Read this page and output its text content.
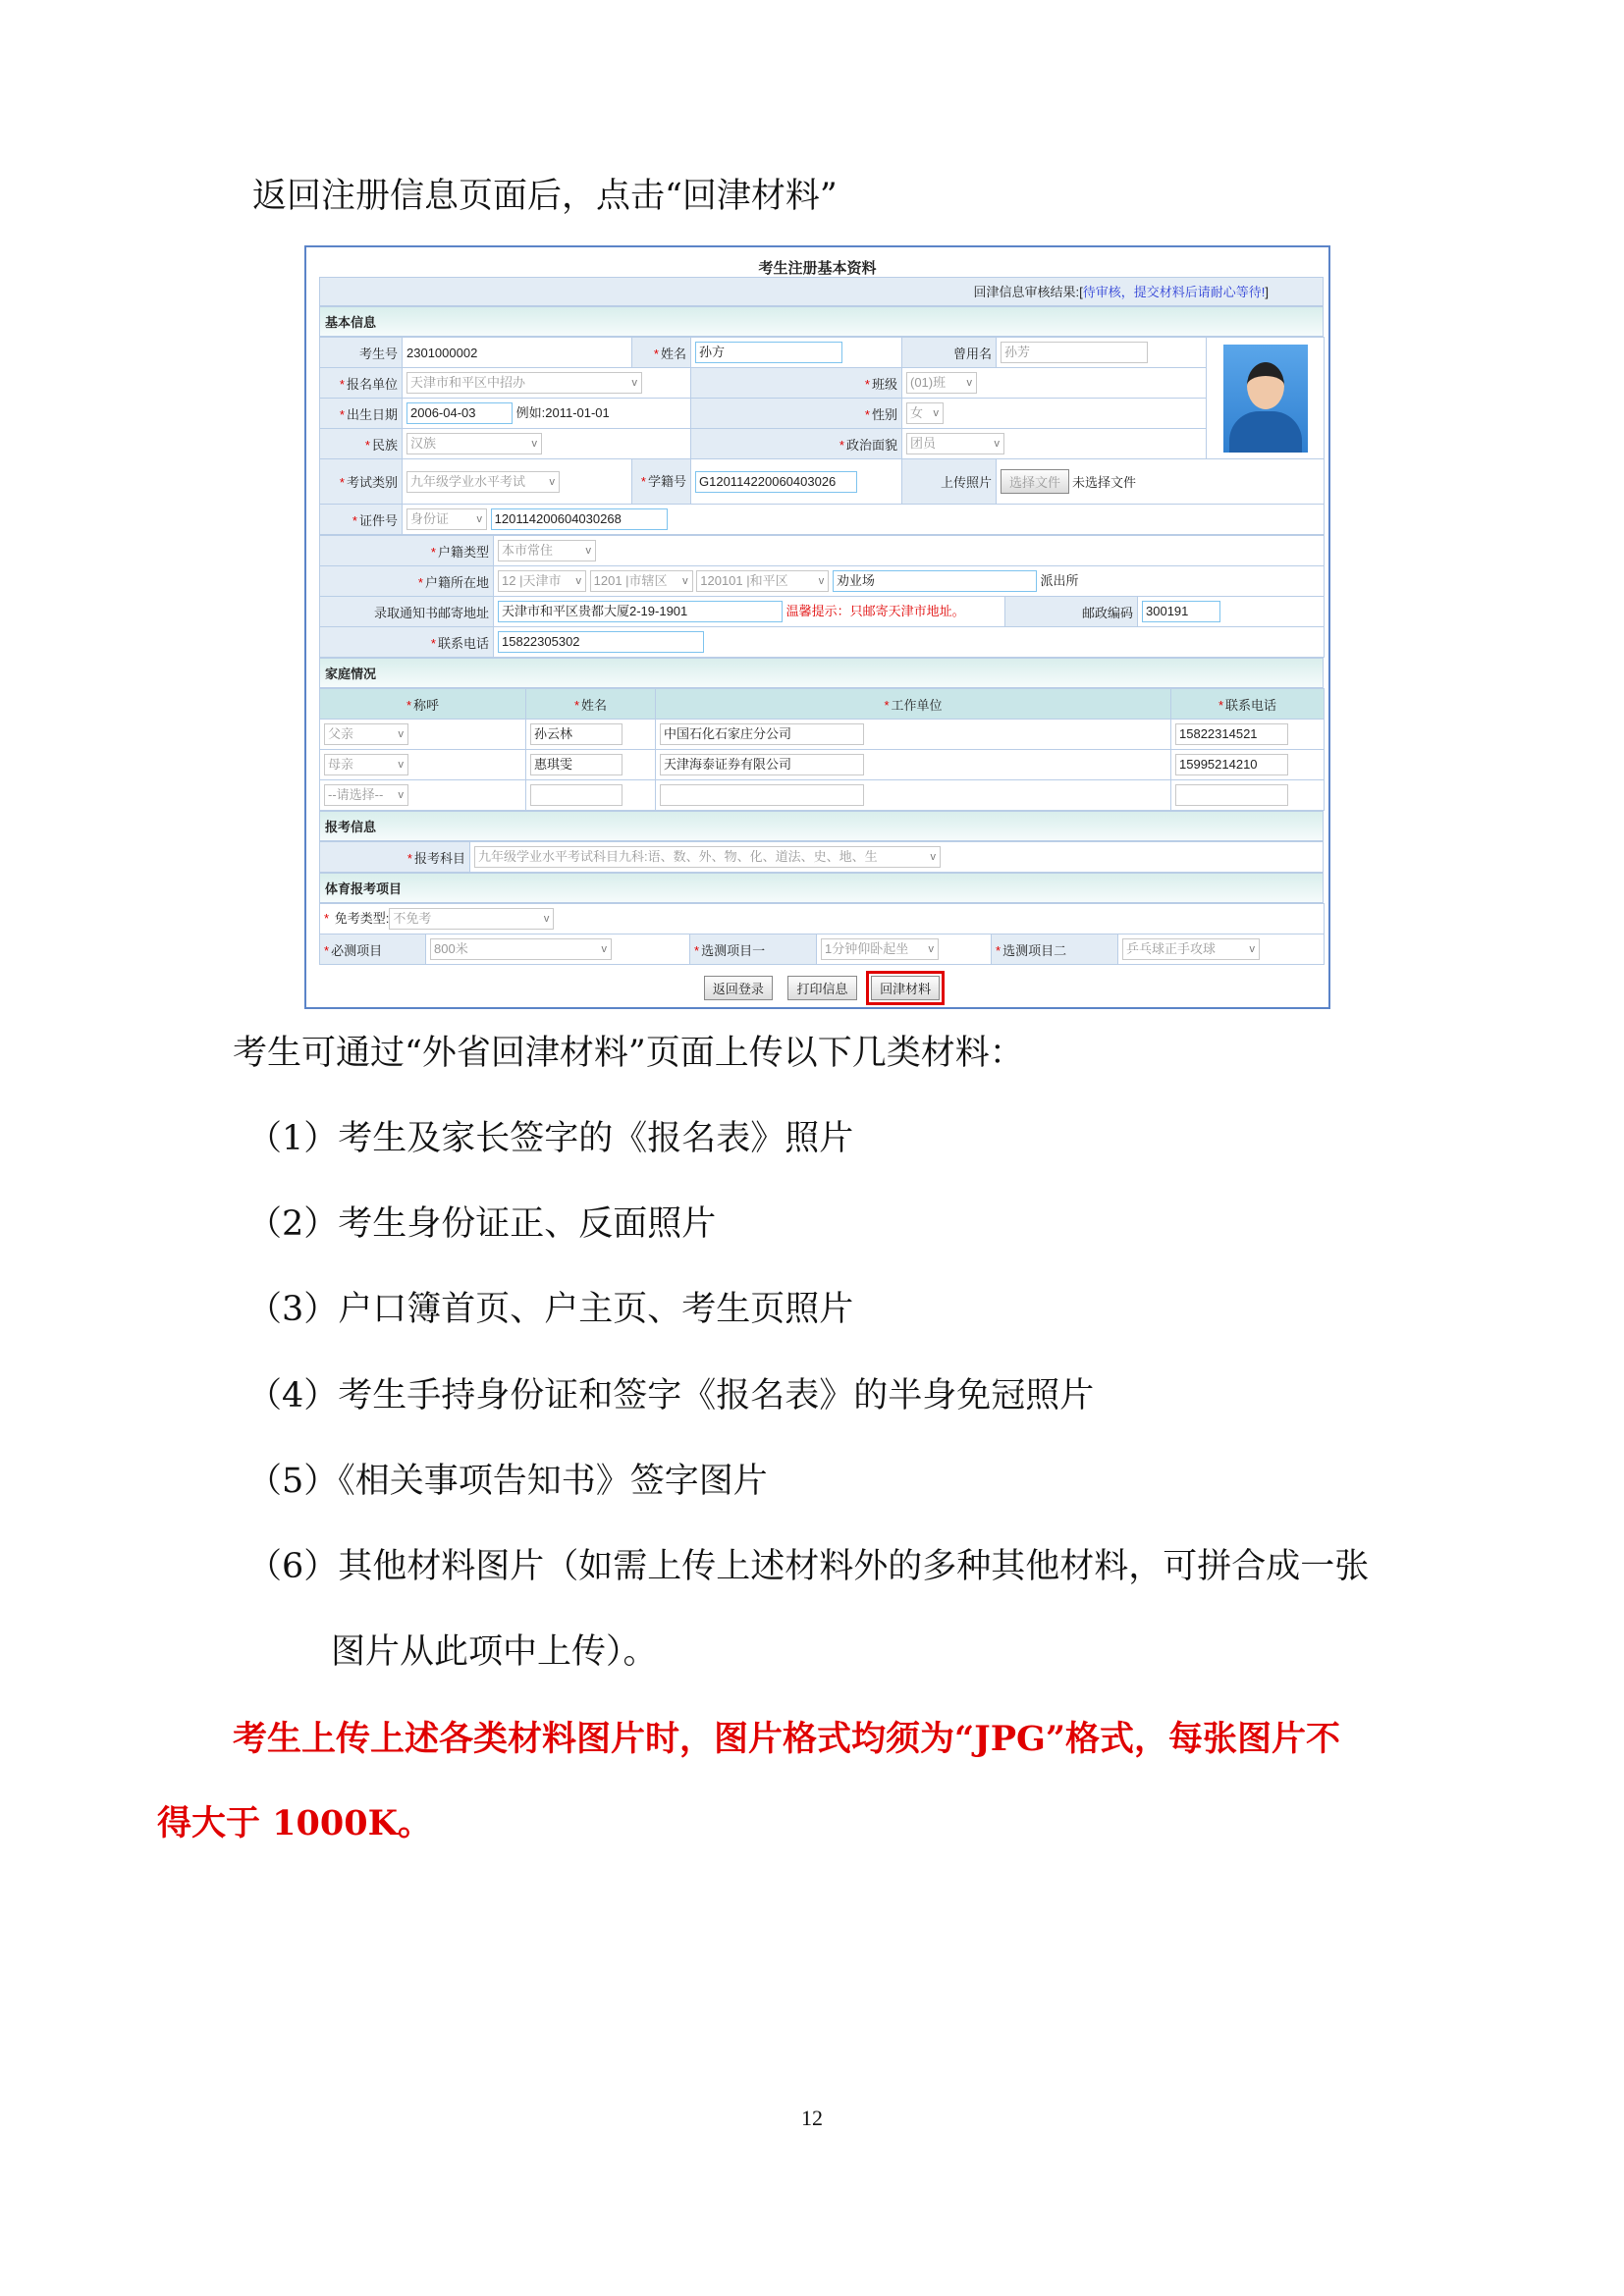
返回注册信息页面后，点击“回津材料”
考生注册基本资料
回津信息审核结果:[待审核，提交材料后请耐心等待!]
基本信息
考生号	2301000002	* 姓名	孙方	曾用名	孙芳	

* 报名单位	天津市和平区中招办 v		* 班级	(01)班 v
* 出生日期	2006-04-03 例如:2011-01-01		* 性别	女 v
* 民族	汉族 v		* 政治面貌	团员 v
* 考试类别	九年级学业水平考试 v	* 学籍号	G120114220060403026	上传照片	选择文件 未选择文件	
* 证件号	身份证 v 120114200604030268
* 户籍类型	本市常住 v
* 户籍所在地	12 |天津市 v 1201 |市辖区 v 120101 |和平区 v 劝业场 派出所
录取通知书邮寄地址	天津市和平区贵都大厦2-19-1901 温馨提示：只邮寄天津市地址。	邮政编码	300191
* 联系电话	15822305302		
家庭情况
* 称呼	* 姓名	* 工作单位	* 联系电话
父亲 v	孙云林	中国石化石家庄分公司	15822314521
母亲 v	惠琪雯	天津海泰证券有限公司	15995214210
--请选择-- v			
报考信息
* 报考科目	九年级学业水平考试科目九科:语、数、外、物、化、道法、史、地、生 v
体育报考项目
* 免考类型: 不免考 v
* 必测项目	800米 v	* 选测项目一	1分钟仰卧起坐 v	* 选测项目二	乒乓球正手攻球 v
返回登录	打印信息	回津材料
考生可通过“外省回津材料”页面上传以下几类材料：
（1）考生及家长签字的《报名表》照片
（2）考生身份证正、反面照片
（3）户口簿首页、户主页、考生页照片
（4）考生手持身份证和签字《报名表》的半身免冠照片
（5）《相关事项告知书》签字图片
（6）其他材料图片（如需上传上述材料外的多种其他材料，可拼合成一张
图片从此项中上传）。
考生上传上述各类材料图片时，图片格式均须为“JPG”格式，每张图片不
得大于 1000K。
12
